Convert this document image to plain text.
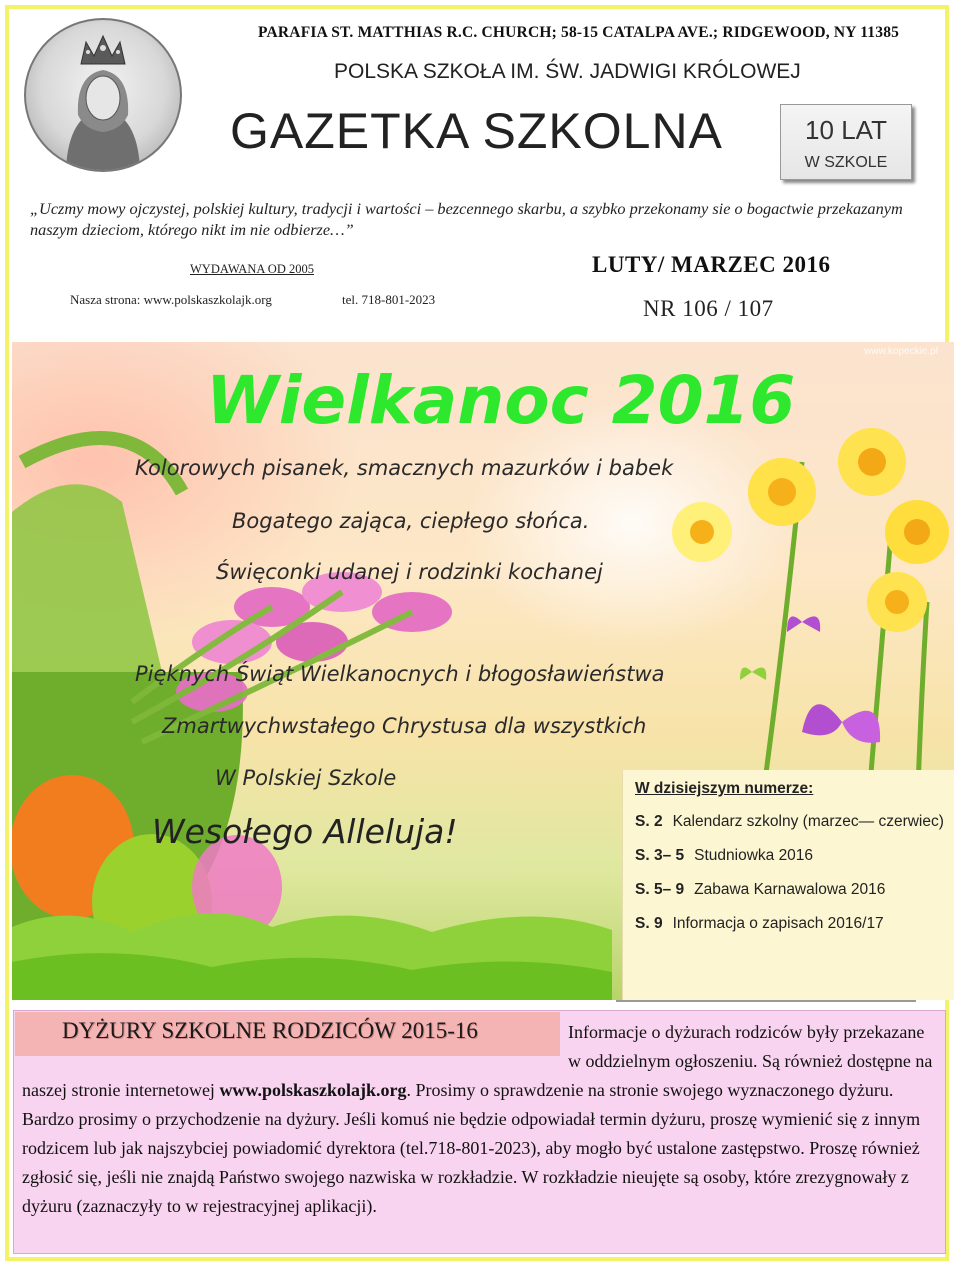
PARAFIA ST. MATTHIAS R.C. CHURCH; 58-15 CATALPA AVE.; RIDGEWOOD, NY 11385
POLSKA SZKOŁA IM. ŚW. JADWIGI KRÓLOWEJ
GAZETKA SZKOLNA	10 LAT
W SZKOLE
„Uczmy mowy ojczystej, polskiej kultury, tradycji i wartości – bezcennego skarbu, a szybko przekonamy sie o bogactwie przekazanym naszym dzieciom, którego nikt im nie odbierze…”
WYDAWANA OD 2005	LUTY/ MARZEC 2016
Nasza strona: www.polskaszkolajk.org	tel. 718-801-2023	NR 106 / 107
www.kopeckie.pl
Wielkanoc 2016
Kolorowych pisanek, smacznych mazurków i babek
Bogatego zająca, ciepłego słońca.
Święconki udanej i rodzinki kochanej
Pięknych Świąt Wielkanocnych i błogosławieństwa
Zmartwychwstałego Chrystusa dla wszystkich
W Polskiej Szkole
Wesołego Alleluja!
W dzisiejszym numerze:
S. 2 Kalendarz szkolny (marzec— czerwiec)
S. 3– 5 Studniowka 2016
S. 5– 9 Zabawa Karnawalowa 2016
S. 9 Informacja o zapisach 2016/17
DYŻURY SZKOLNE RODZICÓW 2015-16	Informacje o dyżurach rodziców były przekazane w oddzielnym ogłoszeniu. Są również dostępne na naszej stronie internetowej www.polskaszkolajk.org. Prosimy o sprawdzenie na stronie swojego wyznaczonego dyżuru. Bardzo prosimy o przychodzenie na dyżury. Jeśli komuś nie będzie odpowiadał termin dyżuru, proszę wymienić się z innym rodzicem lub jak najszybciej powiadomić dyrektora (tel.718-801-2023), aby mogło być ustalone zastępstwo. Proszę również zgłosić się, jeśli nie znajdą Państwo swojego nazwiska w rozkładzie. W rozkładzie nieujęte są osoby, które zrezygnowały z dyżuru (zaznaczyły to w rejestracyjnej aplikacji).
